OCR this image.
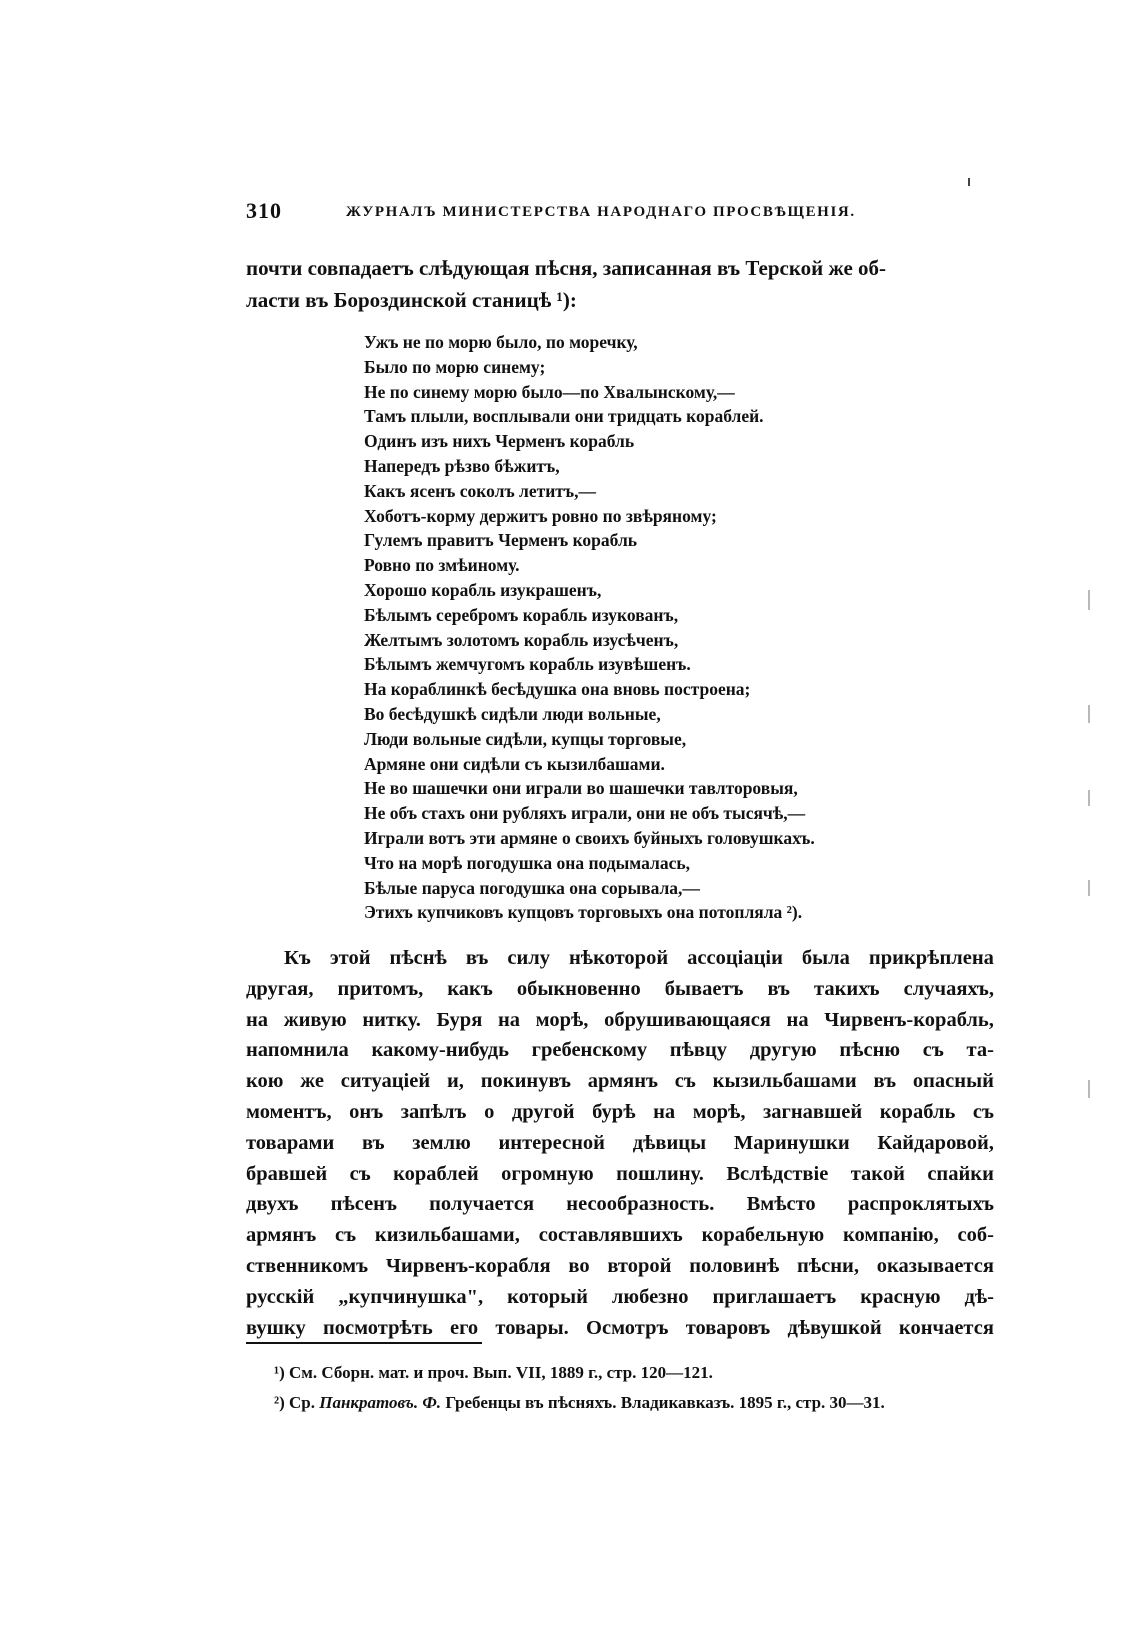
310	ЖУРНАЛЪ МИНИСТЕРСТВА НАРОДНАГО ПРОСВѢЩЕНІЯ.
почти совпадаетъ слѣдующая пѣсня, записанная въ Терской же об-
ласти въ Бороздинской станицѣ ¹):
Ужъ не по морю было, по моречку,
Было по морю синему;
Не по синему морю было—по Хвалынскому,—
Тамъ плыли, восплывали они тридцать кораблей.
Одинъ изъ нихъ Черменъ корабль
Напередъ рѣзво бѣжитъ,
Какъ ясенъ соколъ летитъ,—
Хоботъ-корму держитъ ровно по звѣряному;
Гулемъ правитъ Черменъ корабль
Ровно по змѣиному.
Хорошо корабль изукрашенъ,
Бѣлымъ серебромъ корабль изукованъ,
Желтымъ золотомъ корабль изусѣченъ,
Бѣлымъ жемчугомъ корабль изувѣшенъ.
На кораблинкѣ бесѣдушка она вновь построена;
Во бесѣдушкѣ сидѣли люди вольные,
Люди вольные сидѣли, купцы торговые,
Армяне они сидѣли съ кызилбашами.
Не во шашечки они играли во шашечки тавлторовыя,
Не объ стахъ они рубляхъ играли, они не объ тысячѣ,—
Играли вотъ эти армяне о своихъ буйныхъ головушкахъ.
Что на морѣ погодушка она подымалась,
Бѣлые паруса погодушка она сорывала,—
Этихъ купчиковъ купцовъ торговыхъ она потопляла ²).
Къ этой пѣснѣ въ силу нѣкоторой ассоціаціи была прикрѣплена
другая, притомъ, какъ обыкновенно бываетъ въ такихъ случаяхъ,
на живую нитку. Буря на морѣ, обрушивающаяся на Чирвенъ-корабль,
напомнила какому-нибудь гребенскому пѣвцу другую пѣсню съ та-
кою же ситуаціей и, покинувъ армянъ съ кызильбашами въ опасный
моментъ, онъ запѣлъ о другой бурѣ на морѣ, загнавшей корабль съ
товарами въ землю интересной дѣвицы Маринушки Кайдаровой,
бравшей съ кораблей огромную пошлину. Вслѣдствіе такой спайки
двухъ пѣсенъ получается несообразность. Вмѣсто распроклятыхъ
армянъ съ кизильбашами, составлявшихъ корабельную компанію, соб-
ственникомъ Чирвенъ-корабля во второй половинѣ пѣсни, оказывается
русскій „купчинушка", который любезно приглашаетъ красную дѣ-
вушку посмотрѣть его товары. Осмотръ товаровъ дѣвушкой кончается
¹) См. Сборн. мат. и проч. Вып. VII, 1889 г., стр. 120—121.
²) Ср. Панкратовъ. Ф. Гребенцы въ пѣсняхъ. Владикавказъ. 1895 г., стр. 30—31.
